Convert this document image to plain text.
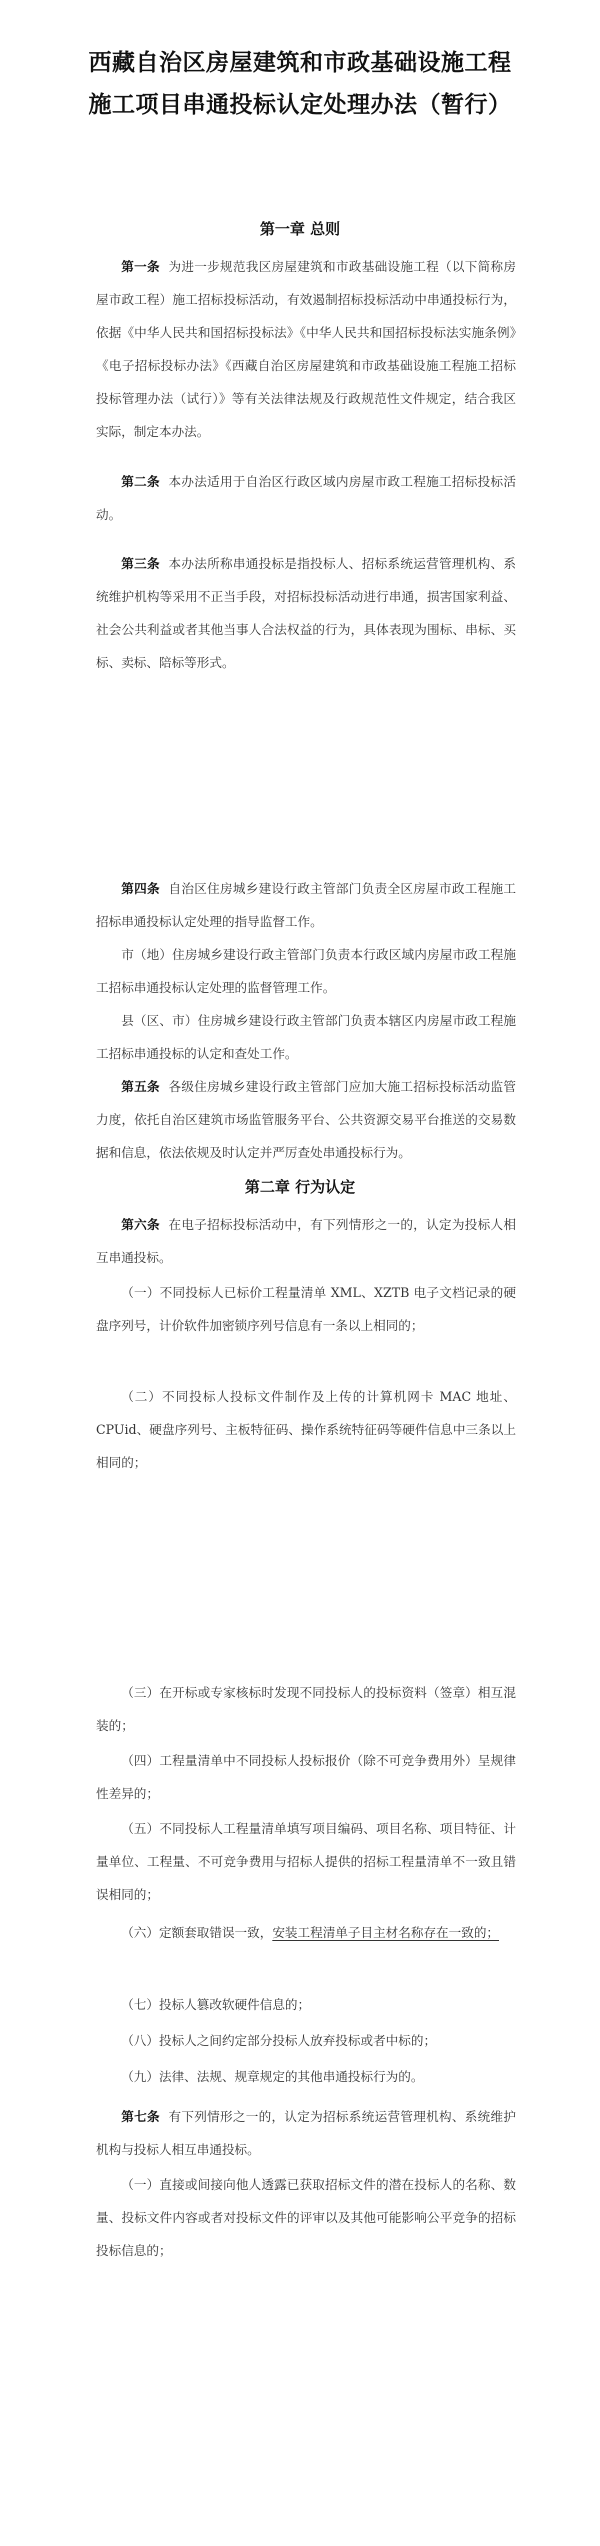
西藏自治区房屋建筑和市政基础设施工程
施工项目串通投标认定处理办法（暂行）
第一章 总则
第一条 为进一步规范我区房屋建筑和市政基础设施工程（以下简称房屋市政工程）施工招标投标活动，有效遏制招标投标活动中串通投标行为，依据《中华人民共和国招标投标法》《中华人民共和国招标投标法实施条例》《电子招标投标办法》《西藏自治区房屋建筑和市政基础设施工程施工招标投标管理办法（试行）》等有关法律法规及行政规范性文件规定，结合我区实际，制定本办法。
第二条 本办法适用于自治区行政区域内房屋市政工程施工招标投标活动。
第三条 本办法所称串通投标是指投标人、招标系统运营管理机构、系统维护机构等采用不正当手段，对招标投标活动进行串通，损害国家利益、社会公共利益或者其他当事人合法权益的行为，具体表现为围标、串标、买标、卖标、陪标等形式。
第四条 自治区住房城乡建设行政主管部门负责全区房屋市政工程施工招标串通投标认定处理的指导监督工作。
市（地）住房城乡建设行政主管部门负责本行政区域内房屋市政工程施工招标串通投标认定处理的监督管理工作。
县（区、市）住房城乡建设行政主管部门负责本辖区内房屋市政工程施工招标串通投标的认定和查处工作。
第五条 各级住房城乡建设行政主管部门应加大施工招标投标活动监管力度，依托自治区建筑市场监管服务平台、公共资源交易平台推送的交易数据和信息，依法依规及时认定并严厉查处串通投标行为。
第二章 行为认定
第六条 在电子招标投标活动中，有下列情形之一的，认定为投标人相互串通投标。
（一）不同投标人已标价工程量清单 XML、XZTB 电子文档记录的硬盘序列号，计价软件加密锁序列号信息有一条以上相同的；
（二）不同投标人投标文件制作及上传的计算机网卡 MAC 地址、CPUid、硬盘序列号、主板特征码、操作系统特征码等硬件信息中三条以上相同的；
（三）在开标或专家核标时发现不同投标人的投标资料（签章）相互混装的；
（四）工程量清单中不同投标人投标报价（除不可竞争费用外）呈规律性差异的；
（五）不同投标人工程量清单填写项目编码、项目名称、项目特征、计量单位、工程量、不可竞争费用与招标人提供的招标工程量清单不一致且错误相同的；
（六）定额套取错误一致，安装工程清单子目主材名称存在一致的；
（七）投标人篡改软硬件信息的；
（八）投标人之间约定部分投标人放弃投标或者中标的；
（九）法律、法规、规章规定的其他串通投标行为的。
第七条 有下列情形之一的，认定为招标系统运营管理机构、系统维护机构与投标人相互串通投标。
（一）直接或间接向他人透露已获取招标文件的潜在投标人的名称、数量、投标文件内容或者对投标文件的评审以及其他可能影响公平竞争的招标投标信息的；
